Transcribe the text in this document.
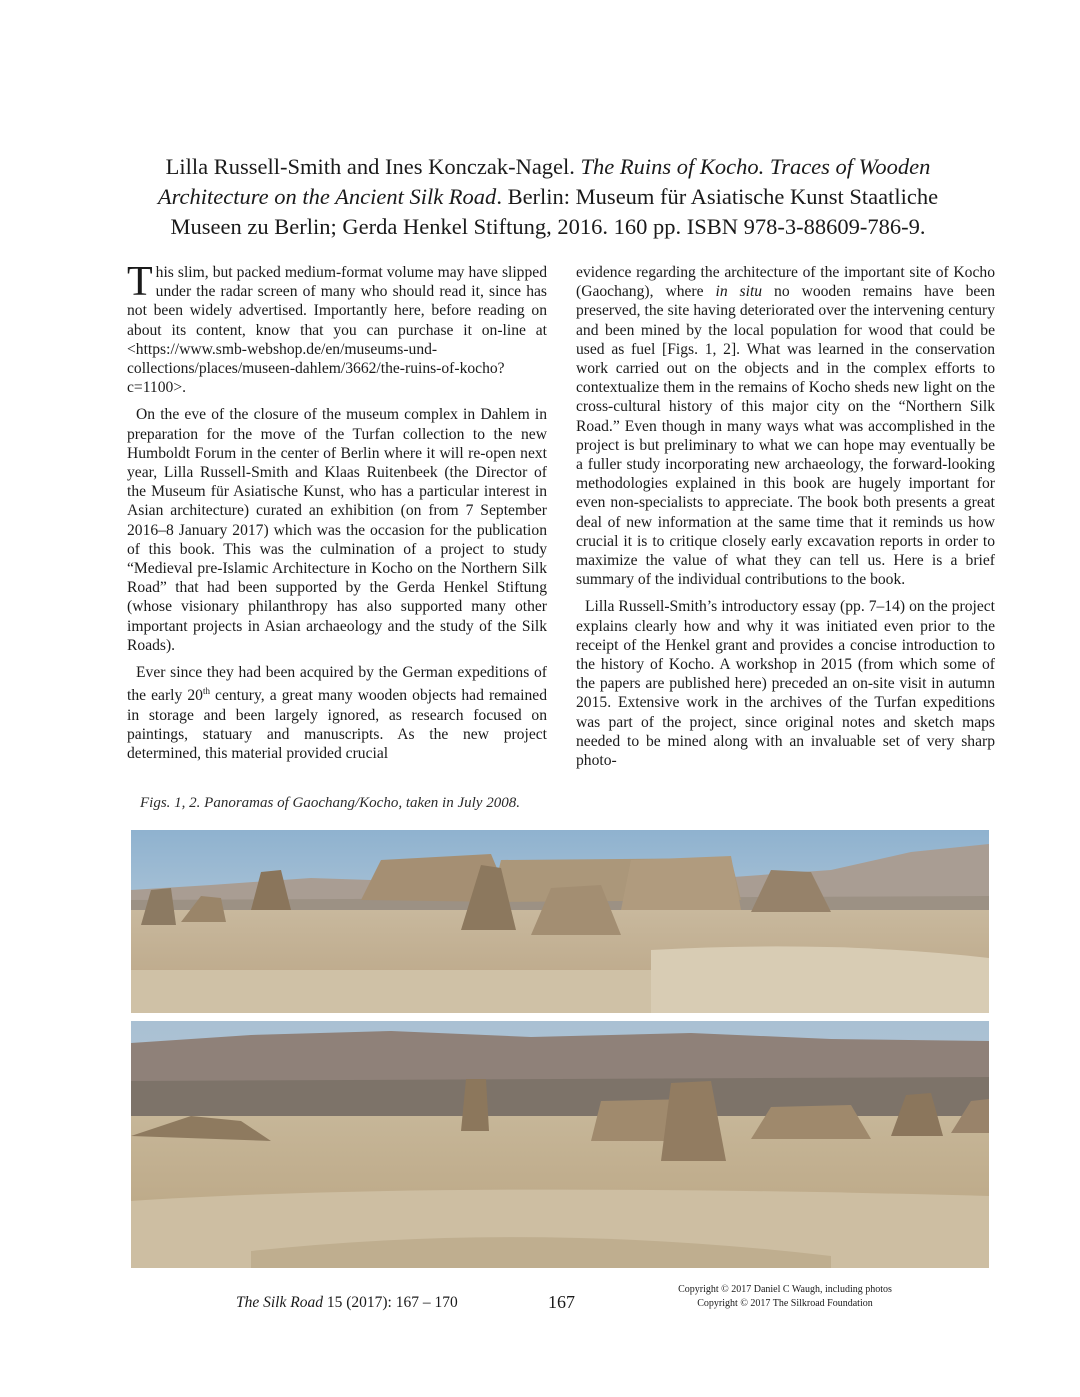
Lilla Russell-Smith and Ines Konczak-Nagel. The Ruins of Kocho. Traces of Wooden
Architecture on the Ancient Silk Road. Berlin: Museum für Asiatische Kunst Staatliche
Museen zu Berlin; Gerda Henkel Stiftung, 2016. 160 pp. ISBN 978-3-88609-786-9.

This slim, but packed medium-format volume may have slipped under the radar screen of many who should read it, since has not been widely advertised. Importantly here, before reading on about its content, know that you can purchase it on-line at <https://www.smb-webshop.de/en/museums-und-collections/places/museen-dahlem/3662/the-ruins-of-kocho?c=1100>.

On the eve of the closure of the museum complex in Dahlem in preparation for the move of the Turfan collection to the new Humboldt Forum in the center of Berlin where it will re-open next year, Lilla Russell-Smith and Klaas Ruitenbeek (the Director of the Museum für Asiatische Kunst, who has a particular interest in Asian architecture) curated an exhibition (on from 7 September 2016–8 January 2017) which was the occasion for the publication of this book. This was the culmination of a project to study “Medieval pre-Islamic Architecture in Kocho on the Northern Silk Road” that had been supported by the Gerda Henkel Stiftung (whose visionary philanthropy has also supported many other important projects in Asian archaeology and the study of the Silk Roads).

Ever since they had been acquired by the German expeditions of the early 20th century, a great many wooden objects had remained in storage and been largely ignored, as research focused on paintings, statuary and manuscripts. As the new project determined, this material provided crucial

evidence regarding the architecture of the important site of Kocho (Gaochang), where in situ no wooden remains have been preserved, the site having deteriorated over the intervening century and been mined by the local population for wood that could be used as fuel [Figs. 1, 2]. What was learned in the conservation work carried out on the objects and in the complex efforts to contextualize them in the remains of Kocho sheds new light on the cross-cultural history of this major city on the “Northern Silk Road.” Even though in many ways what was accomplished in the project is but preliminary to what we can hope may eventually be a fuller study incorporating new archaeology, the forward-looking methodologies explained in this book are hugely important for even non-specialists to appreciate. The book both presents a great deal of new information at the same time that it reminds us how crucial it is to critique closely early excavation reports in order to maximize the value of what they can tell us. Here is a brief summary of the individual contributions to the book.

Lilla Russell-Smith’s introductory essay (pp. 7–14) on the project explains clearly how and why it was initiated even prior to the receipt of the Henkel grant and provides a concise introduction to the history of Kocho. A workshop in 2015 (from which some of the papers are published here) preceded an on-site visit in autumn 2015. Extensive work in the archives of the Turfan expeditions was part of the project, since original notes and sketch maps needed to be mined along with an invaluable set of very sharp photo-

Figs. 1, 2. Panoramas of Gaochang/Kocho, taken in July 2008.
The Silk Road 15 (2017): 167 – 170	167
Copyright © 2017 Daniel C Waugh, including photos
Copyright © 2017 The Silkroad Foundation
